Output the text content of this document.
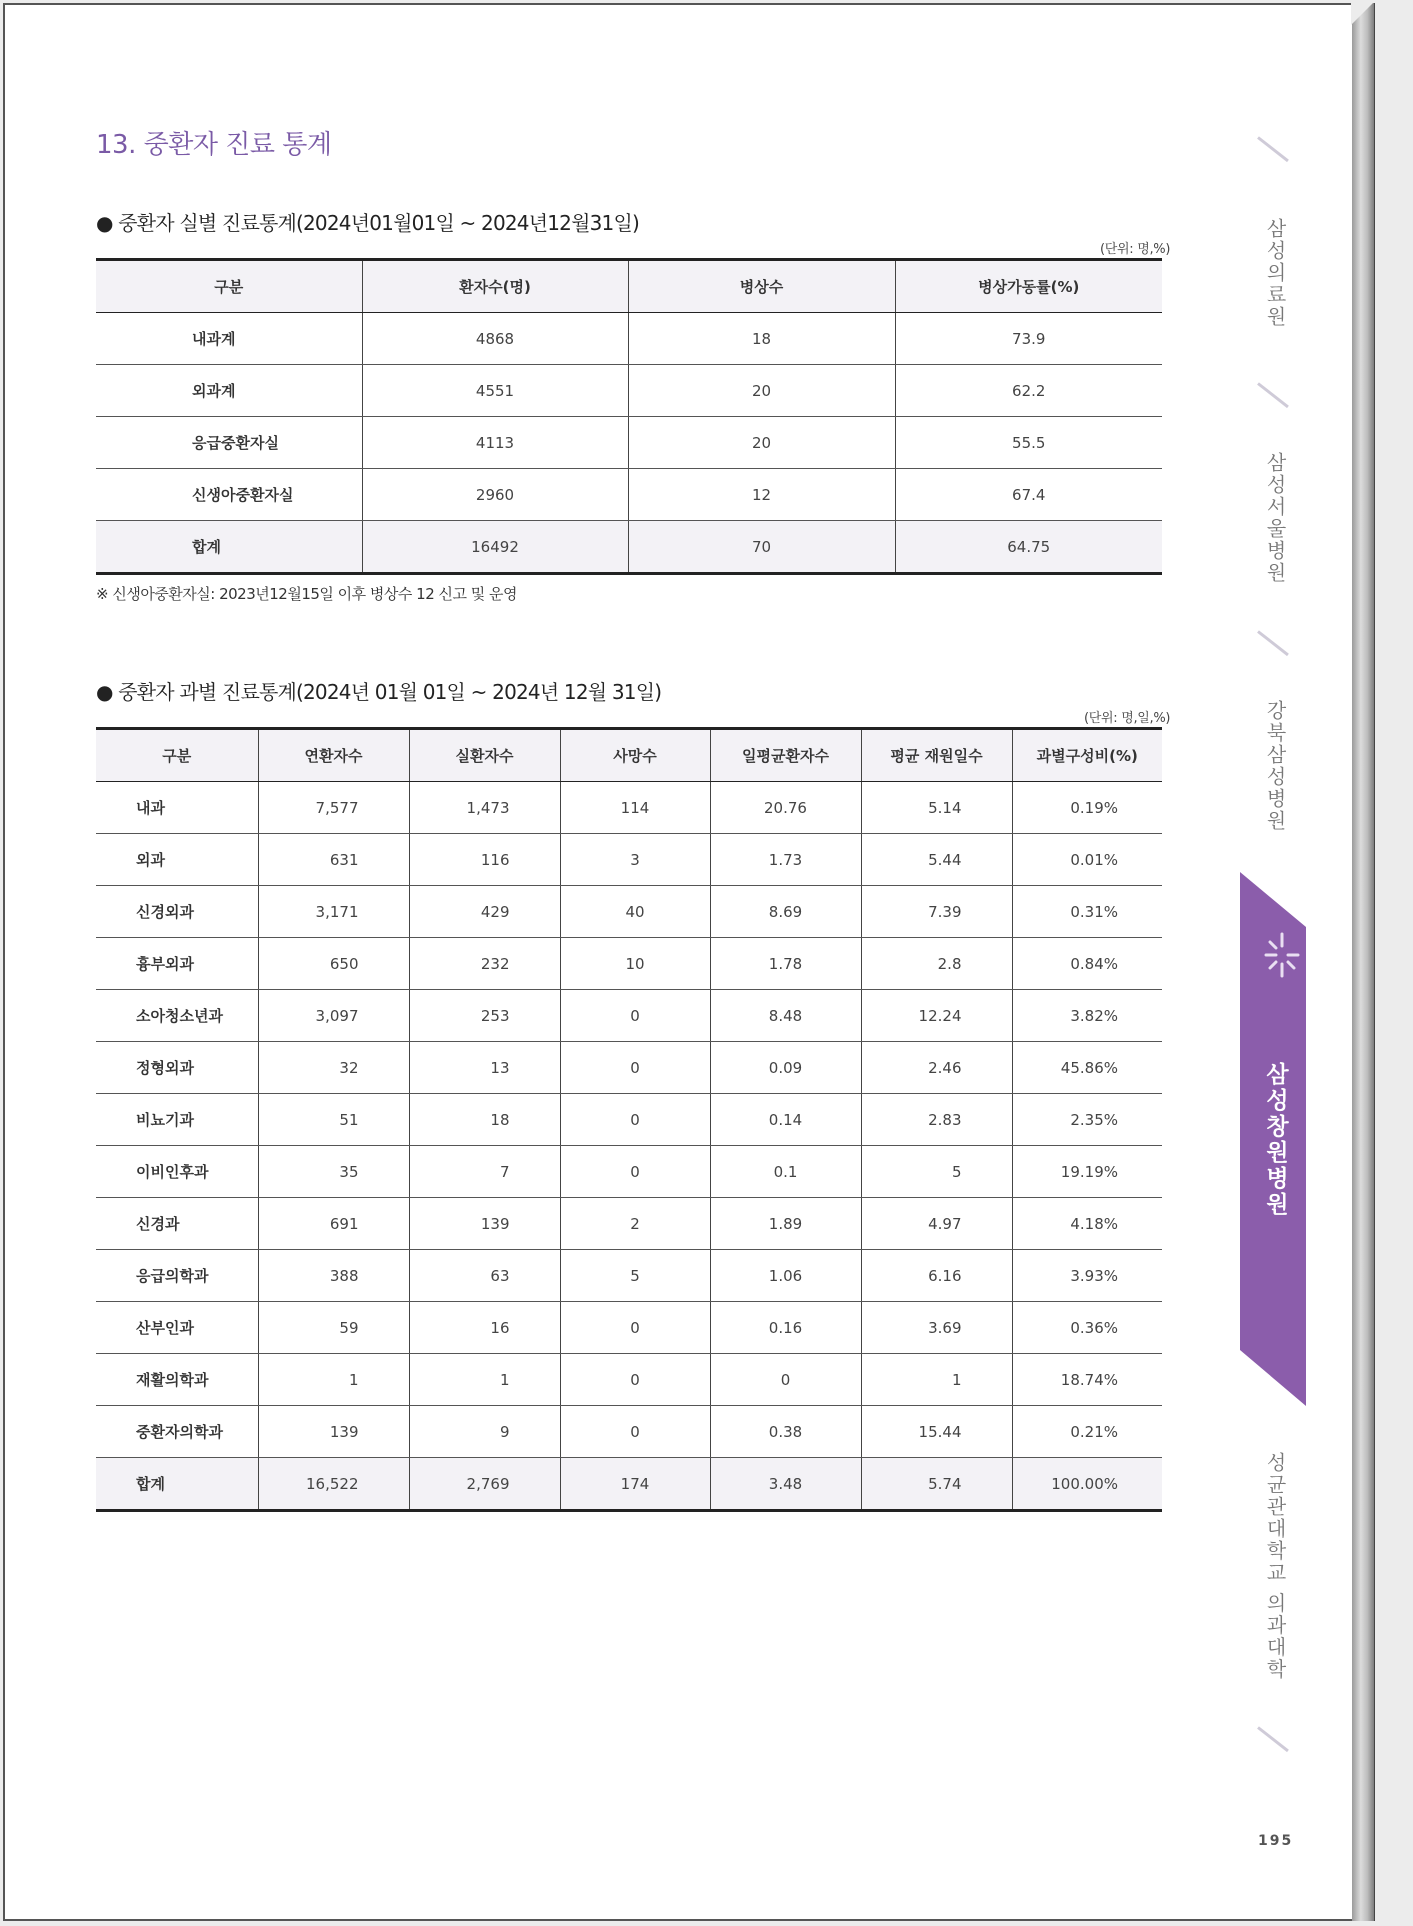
13. 중환자 진료 통계
● 중환자 실별 진료통계(2024년01월01일 ~ 2024년12월31일)
(단위: 명,%)
구분	환자수(명)	병상수	병상가동률(%)
내과계	4868	18	73.9
외과계	4551	20	62.2
응급중환자실	4113	20	55.5
신생아중환자실	2960	12	67.4
합계	16492	70	64.75
※ 신생아중환자실: 2023년12월15일 이후 병상수 12 신고 및 운영
● 중환자 과별 진료통계(2024년 01월 01일 ~ 2024년 12월 31일)
(단위: 명,일,%)
구분	연환자수	실환자수	사망수	일평균환자수	평균 재원일수	과별구성비(%)
내과	7,577	1,473	114	20.76	5.14	0.19%
외과	631	116	3	1.73	5.44	0.01%
신경외과	3,171	429	40	8.69	7.39	0.31%
흉부외과	650	232	10	1.78	2.8	0.84%
소아청소년과	3,097	253	0	8.48	12.24	3.82%
정형외과	32	13	0	0.09	2.46	45.86%
비뇨기과	51	18	0	0.14	2.83	2.35%
이비인후과	35	7	0	0.1	5	19.19%
신경과	691	139	2	1.89	4.97	4.18%
응급의학과	388	63	5	1.06	6.16	3.93%
산부인과	59	16	0	0.16	3.69	0.36%
재활의학과	1	1	0	0	1	18.74%
중환자의학과	139	9	0	0.38	15.44	0.21%
합계	16,522	2,769	174	3.48	5.74	100.00%
삼성의료원
삼성서울병원
강북삼성병원
삼성창원병원
성균관대학교 의과대학
195
